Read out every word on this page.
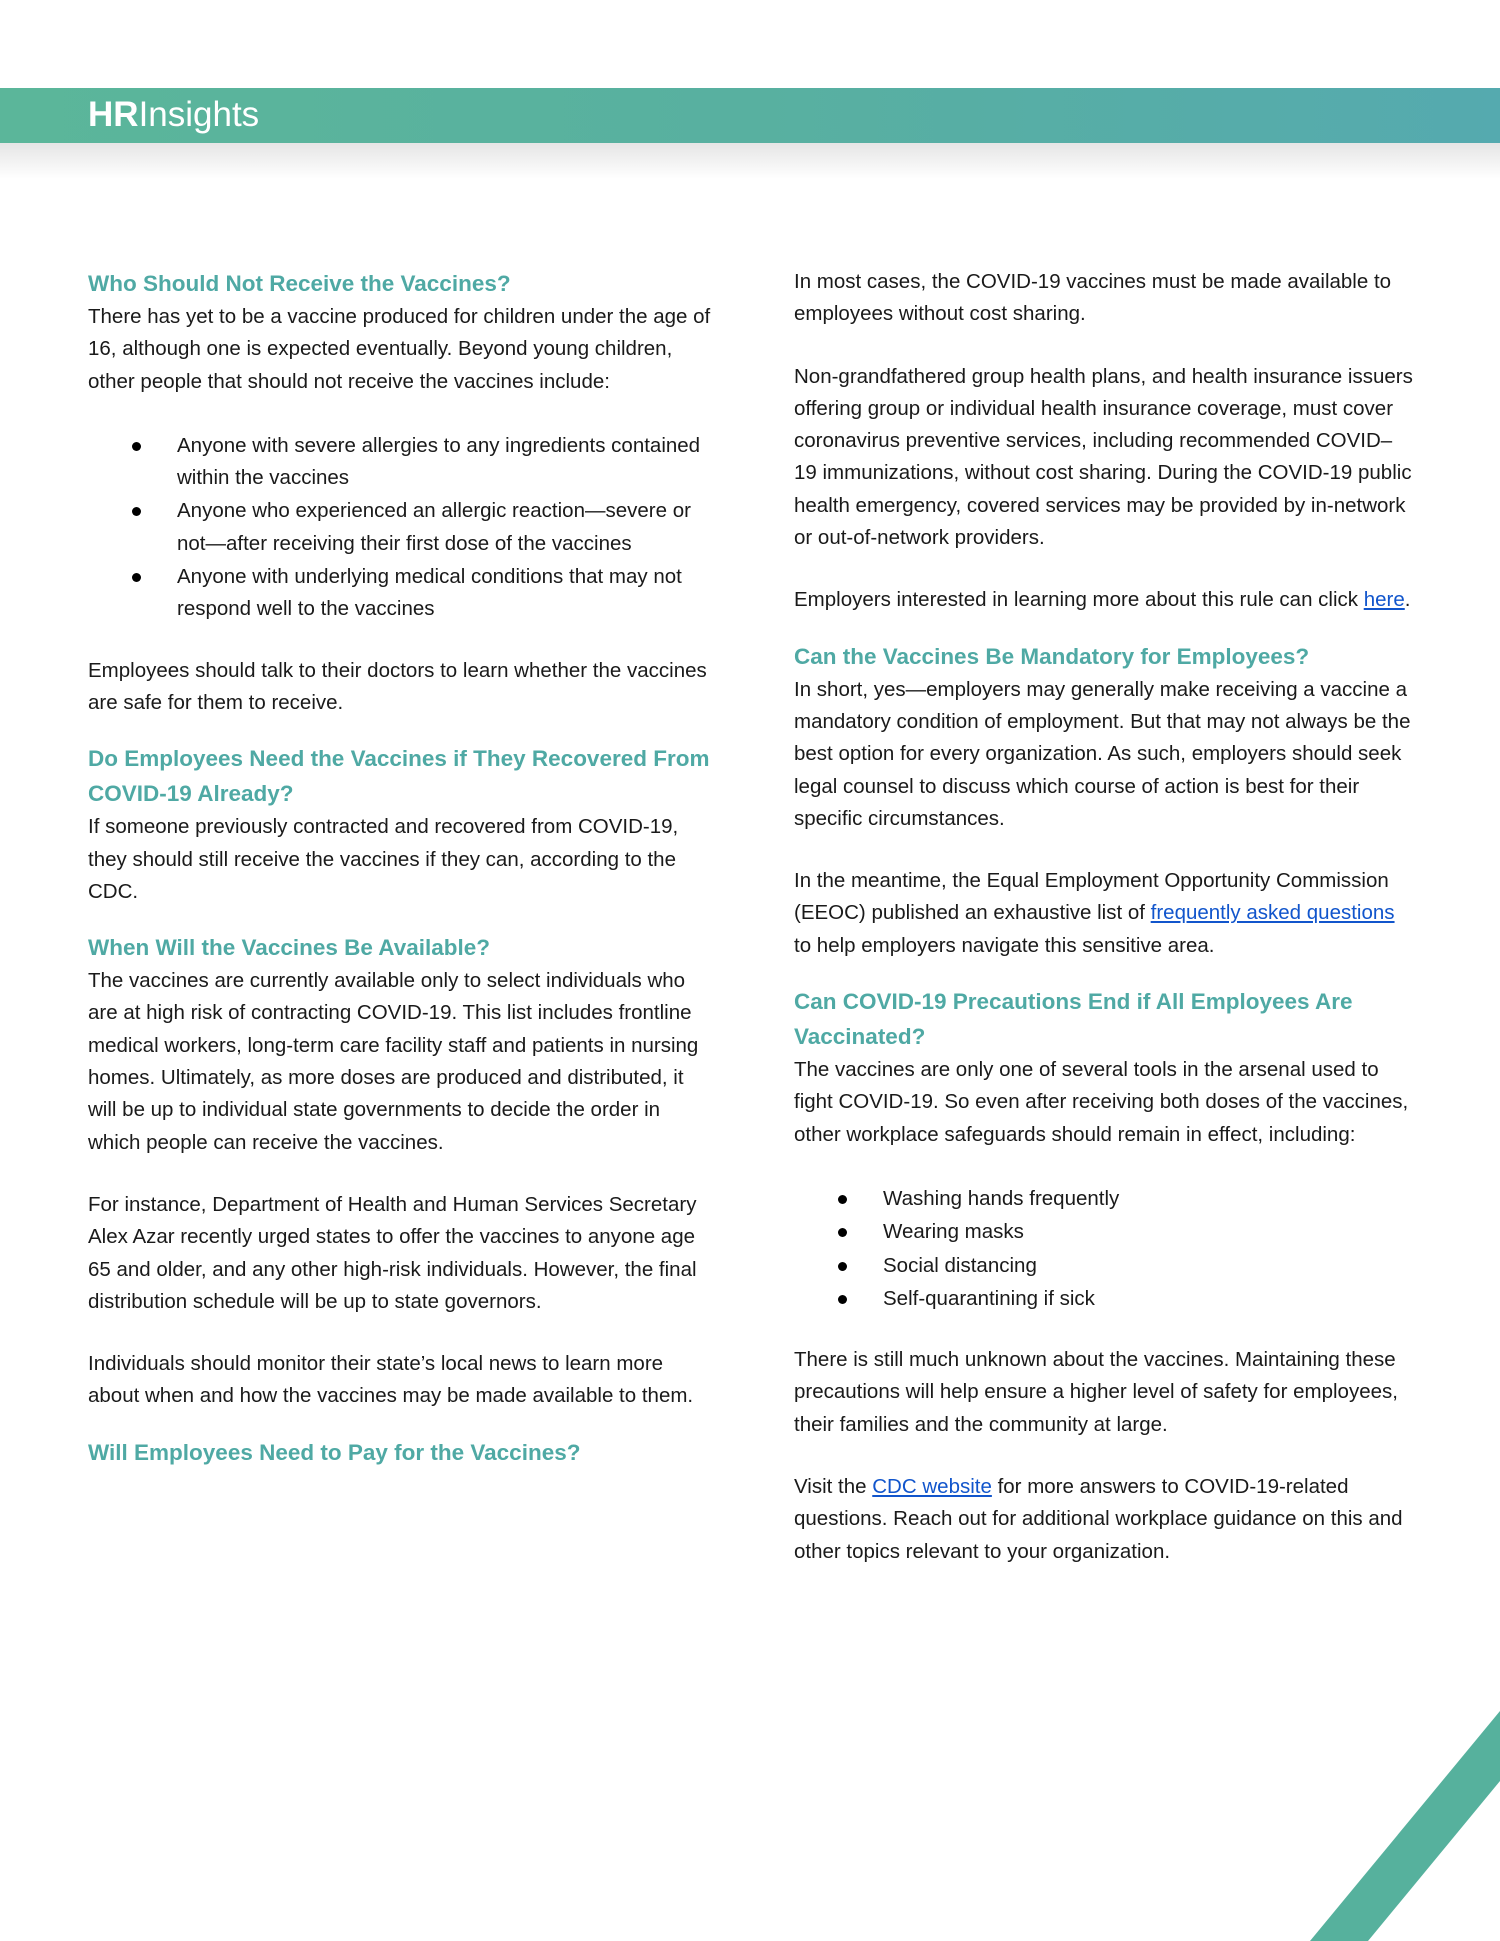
HRInsights
Who Should Not Receive the Vaccines?

There has yet to be a vaccine produced for children under the age of 16, although one is expected eventually. Beyond young children, other people that should not receive the vaccines include:

Anyone with severe allergies to any ingredients contained within the vaccines
Anyone who experienced an allergic reaction—severe or not—after receiving their first dose of the vaccines
Anyone with underlying medical conditions that may not respond well to the vaccines

Employees should talk to their doctors to learn whether the vaccines are safe for them to receive.

Do Employees Need the Vaccines if They Recovered From COVID-19 Already?

If someone previously contracted and recovered from COVID-19, they should still receive the vaccines if they can, according to the CDC.

When Will the Vaccines Be Available?

The vaccines are currently available only to select individuals who are at high risk of contracting COVID-19. This list includes frontline medical workers, long-term care facility staff and patients in nursing homes. Ultimately, as more doses are produced and distributed, it will be up to individual state governments to decide the order in which people can receive the vaccines.

For instance, Department of Health and Human Services Secretary Alex Azar recently urged states to offer the vaccines to anyone age 65 and older, and any other high-risk individuals. However, the final distribution schedule will be up to state governors.

Individuals should monitor their state’s local news to learn more about when and how the vaccines may be made available to them.

Will Employees Need to Pay for the Vaccines?

In most cases, the COVID-19 vaccines must be made available to employees without cost sharing.

Non-grandfathered group health plans, and health insurance issuers offering group or individual health insurance coverage, must cover coronavirus preventive services, including recommended COVID–19 immunizations, without cost sharing. During the COVID-19 public health emergency, covered services may be provided by in-network or out-of-network providers.

Employers interested in learning more about this rule can click here.

Can the Vaccines Be Mandatory for Employees?

In short, yes—employers may generally make receiving a vaccine a mandatory condition of employment. But that may not always be the best option for every organization. As such, employers should seek legal counsel to discuss which course of action is best for their specific circumstances.

In the meantime, the Equal Employment Opportunity Commission (EEOC) published an exhaustive list of frequently asked questions to help employers navigate this sensitive area.

Can COVID-19 Precautions End if All Employees Are Vaccinated?

The vaccines are only one of several tools in the arsenal used to fight COVID-19. So even after receiving both doses of the vaccines, other workplace safeguards should remain in effect, including:

Washing hands frequently
Wearing masks
Social distancing
Self-quarantining if sick

There is still much unknown about the vaccines. Maintaining these precautions will help ensure a higher level of safety for employees, their families and the community at large.

Visit the CDC website for more answers to COVID-19-related questions. Reach out for additional workplace guidance on this and other topics relevant to your organization.
